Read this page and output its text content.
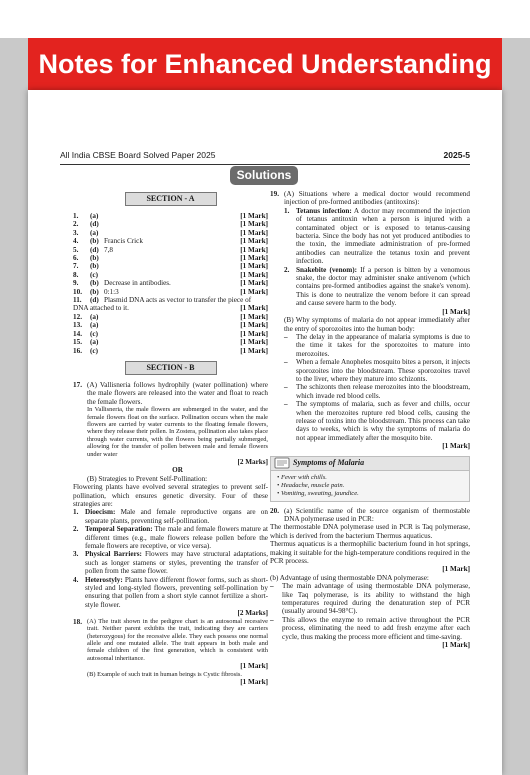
Notes for Enhanced Understanding
All India CBSE Board Solved Paper 2025	2025-5
Solutions
SECTION - A
1.	(a)	[1 Mark]
2.	(d)	[1 Mark]
3.	(a)	[1 Mark]
4.	(b) Francis Crick	[1 Mark]
5.	(d) 7,8	[1 Mark]
6.	(b)	[1 Mark]
7.	(b)	[1 Mark]
8.	(c)	[1 Mark]
9.	(b) Decrease in antibodies.	[1 Mark]
10.	(b) 0:1:3	[1 Mark]
11.	(d) Plasmid DNA acts as vector to transfer the piece of
DNA attached to it.	[1 Mark]
12.	(a)	[1 Mark]
13.	(a)	[1 Mark]
14.	(c)	[1 Mark]
15.	(a)	[1 Mark]
16.	(c)	[1 Mark]
SECTION - B
17. (A) Vallisneria follows hydrophily (water pollination) where the male flowers are released into the water and float to reach the female flowers.
In Vallisneria, the male flowers are submerged in the water, and the female flowers float on the surface. Pollination occurs when the male flowers are carried by water currents to the floating female flowers, where they release their pollen. In Zostera, pollination also takes place through water currents, with the flowers being partially submerged, allowing for the transfer of pollen between male and female flowers under water
[2 Marks]
OR
(B) Strategies to Prevent Self-Pollination:
Flowering plants have evolved several strategies to prevent self-pollination, which ensures genetic diversity. Four of these strategies are:
1. Dioecism: Male and female reproductive organs are on separate plants, preventing self-pollination.
2. Temporal Separation: The male and female flowers mature at different times (e.g., male flowers release pollen before the female flowers are receptive, or vice versa).
3. Physical Barriers: Flowers may have structural adaptations, such as longer stamens or styles, preventing the transfer of pollen from the same flower.
4. Heterostyly: Plants have different flower forms, such as short-styled and long-styled flowers, preventing self-pollination by ensuring that pollen from a short style cannot fertilize a short-style flower.
[2 Marks]
18. (A) The trait shown in the pedigree chart is an autosomal recessive trait. Neither parent exhibits the trait, indicating they are carriers (heterozygous) for the recessive allele. They each possess one normal allele and one mutated allele. The trait appears in both male and female children of the first generation, which is consistent with autosomal inheritance.
[1 Mark]
(B) Example of such trait in human beings is Cystic fibrosis.
[1 Mark]
19. (A) Situations where a medical doctor would recommend injection of pre-formed antibodies (antitoxins):
1. Tetanus infection: A doctor may recommend the injection of tetanus antitoxin when a person is injured with a contaminated object or is exposed to tetanus-causing bacteria. Since the body has not yet produced antibodies to the toxin, the immediate administration of pre-formed antibodies can neutralize the tetanus toxin and prevent infection.
2. Snakebite (venom): If a person is bitten by a venomous snake, the doctor may administer snake antivenom (which contains pre-formed antibodies against the snake's venom). This is done to neutralize the venom before it can spread and cause severe harm to the body.
[1 Mark]
(B) Why symptoms of malaria do not appear immediately after the entry of sporozoites into the human body:
–	The delay in the appearance of malaria symptoms is due to the time it takes for the sporozoites to mature into merozoites.
–	When a female Anopheles mosquito bites a person, it injects sporozoites into the bloodstream. These sporozoites travel to the liver, where they mature into schizonts.
–	The schizonts then release merozoites into the bloodstream, which invade red blood cells.
–	The symptoms of malaria, such as fever and chills, occur when the merozoites rupture red blood cells, causing the release of toxins into the bloodstream. This process can take days to weeks, which is why the symptoms of malaria do not appear immediately after the mosquito bite.
[1 Mark]
Symptoms of Malaria
• Fever with chills.
• Headache, muscle pain.
• Vomiting, sweating, jaundice.
20. (a) Scientific name of the source organism of thermostable DNA polymerase used in PCR:
The thermostable DNA polymerase used in PCR is Taq polymerase, which is derived from the bacterium Thermus aquaticus.
Thermus aquaticus is a thermophilic bacterium found in hot springs, making it suitable for the high-temperature conditions required in the PCR process.
[1 Mark]
(b) Advantage of using thermostable DNA polymerase:
–	The main advantage of using thermostable DNA polymerase, like Taq polymerase, is its ability to withstand the high temperatures required during the denaturation step of PCR (usually around 94-98°C).
–	This allows the enzyme to remain active throughout the PCR process, eliminating the need to add fresh enzyme after each cycle, thus making the process more efficient and time-saving.
[1 Mark]
